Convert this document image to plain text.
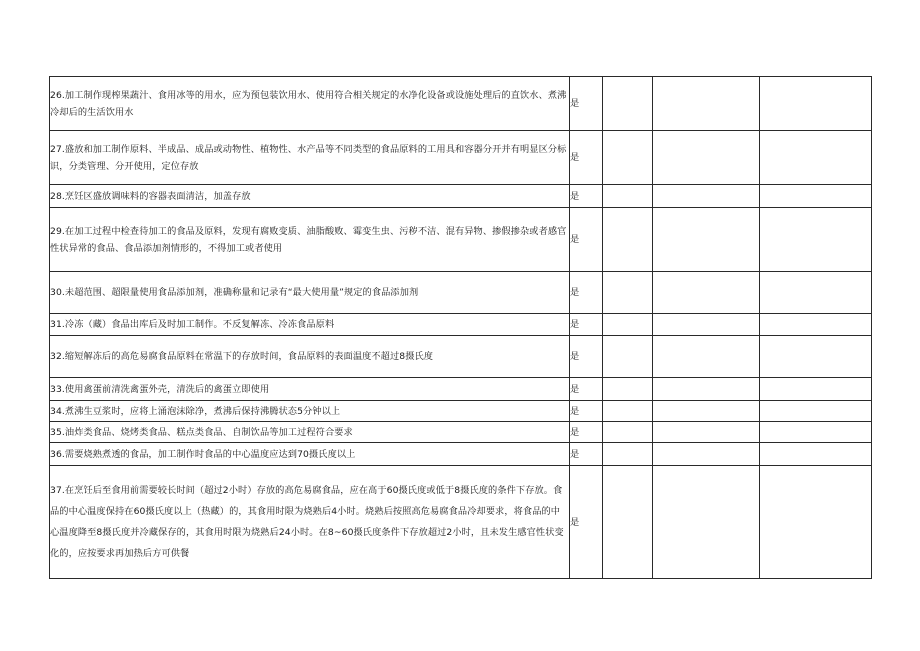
26.加工制作现榨果蔬汁、食用冰等的用水，应为预包装饮用水、使用符合相关规定的水净化设备或设施处理后的直饮水、煮沸冷却后的生活饮用水	是			

27.盛放和加工制作原料、半成品、成品或动物性、植物性、水产品等不同类型的食品原料的工用具和容器分开并有明显区分标识，分类管理、分开使用，定位存放	是			

28.烹饪区盛放调味料的容器表面清洁，加盖存放	是			

29.在加工过程中检查待加工的食品及原料，发现有腐败变质、油脂酸败、霉变生虫、污秽不洁、混有异物、掺假掺杂或者感官性状异常的食品、食品添加剂情形的，不得加工或者使用	是			

30.未超范围、超限量使用食品添加剂，准确称量和记录有“最大使用量”规定的食品添加剂	是			

31.冷冻（藏）食品出库后及时加工制作。不反复解冻、冷冻食品原料	是			

32.缩短解冻后的高危易腐食品原料在常温下的存放时间，食品原料的表面温度不超过8摄氏度	是			

33.使用禽蛋前清洗禽蛋外壳，清洗后的禽蛋立即使用	是			

34.煮沸生豆浆时，应将上涌泡沫除净，煮沸后保持沸腾状态5分钟以上	是			

35.油炸类食品、烧烤类食品、糕点类食品、自制饮品等加工过程符合要求	是			

36.需要烧熟煮透的食品，加工制作时食品的中心温度应达到70摄氏度以上	是			

37.在烹饪后至食用前需要较长时间（超过2小时）存放的高危易腐食品，应在高于60摄氏度或低于8摄氏度的条件下存放。食品的中心温度保持在60摄氏度以上（热藏）的，其食用时限为烧熟后4小时。烧熟后按照高危易腐食品冷却要求，将食品的中心温度降至8摄氏度并冷藏保存的，其食用时限为烧熟后24小时。在8~60摄氏度条件下存放超过2小时，且未发生感官性状变化的，应按要求再加热后方可供餐	是			
